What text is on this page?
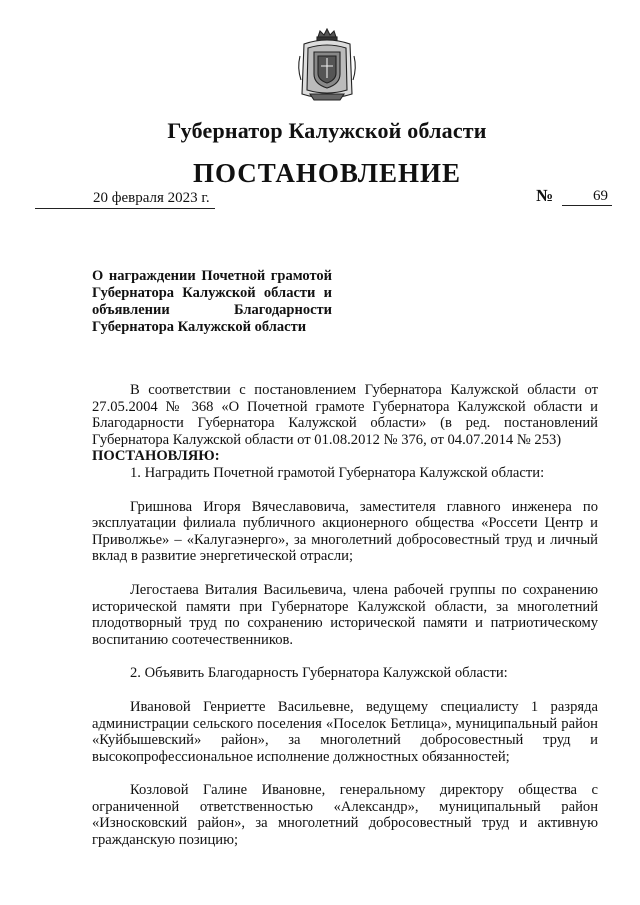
Губернатор Калужской области
ПОСТАНОВЛЕНИЕ
20 февраля 2023 г.	№	69
О награждении Почетной грамотой Губернатора Калужской области и объявлении Благодарности Губернатора Калужской области

В соответствии с постановлением Губернатора Калужской области от 27.05.2004 № 368 «О Почетной грамоте Губернатора Калужской области и Благодарности Губернатора Калужской области» (в ред. постановлений Губернатора Калужской области от 01.08.2012 № 376, от 04.07.2014 № 253)

ПОСТАНОВЛЯЮ:

1. Наградить Почетной грамотой Губернатора Калужской области:

Гришнова Игоря Вячеславовича, заместителя главного инженера по эксплуатации филиала публичного акционерного общества «Россети Центр и Приволжье» – «Калугаэнерго», за многолетний добросовестный труд и личный вклад в развитие энергетической отрасли;

Легостаева Виталия Васильевича, члена рабочей группы по сохранению исторической памяти при Губернаторе Калужской области, за многолетний плодотворный труд по сохранению исторической памяти и патриотическому воспитанию соотечественников.

2. Объявить Благодарность Губернатора Калужской области:

Ивановой Генриетте Васильевне, ведущему специалисту 1 разряда администрации сельского поселения «Поселок Бетлица», муниципальный район «Куйбышевский» район», за многолетний добросовестный труд и высокопрофессиональное исполнение должностных обязанностей;

Козловой Галине Ивановне, генеральному директору общества с ограниченной ответственностью «Александр», муниципальный район «Износковский район», за многолетний добросовестный труд и активную гражданскую позицию;
